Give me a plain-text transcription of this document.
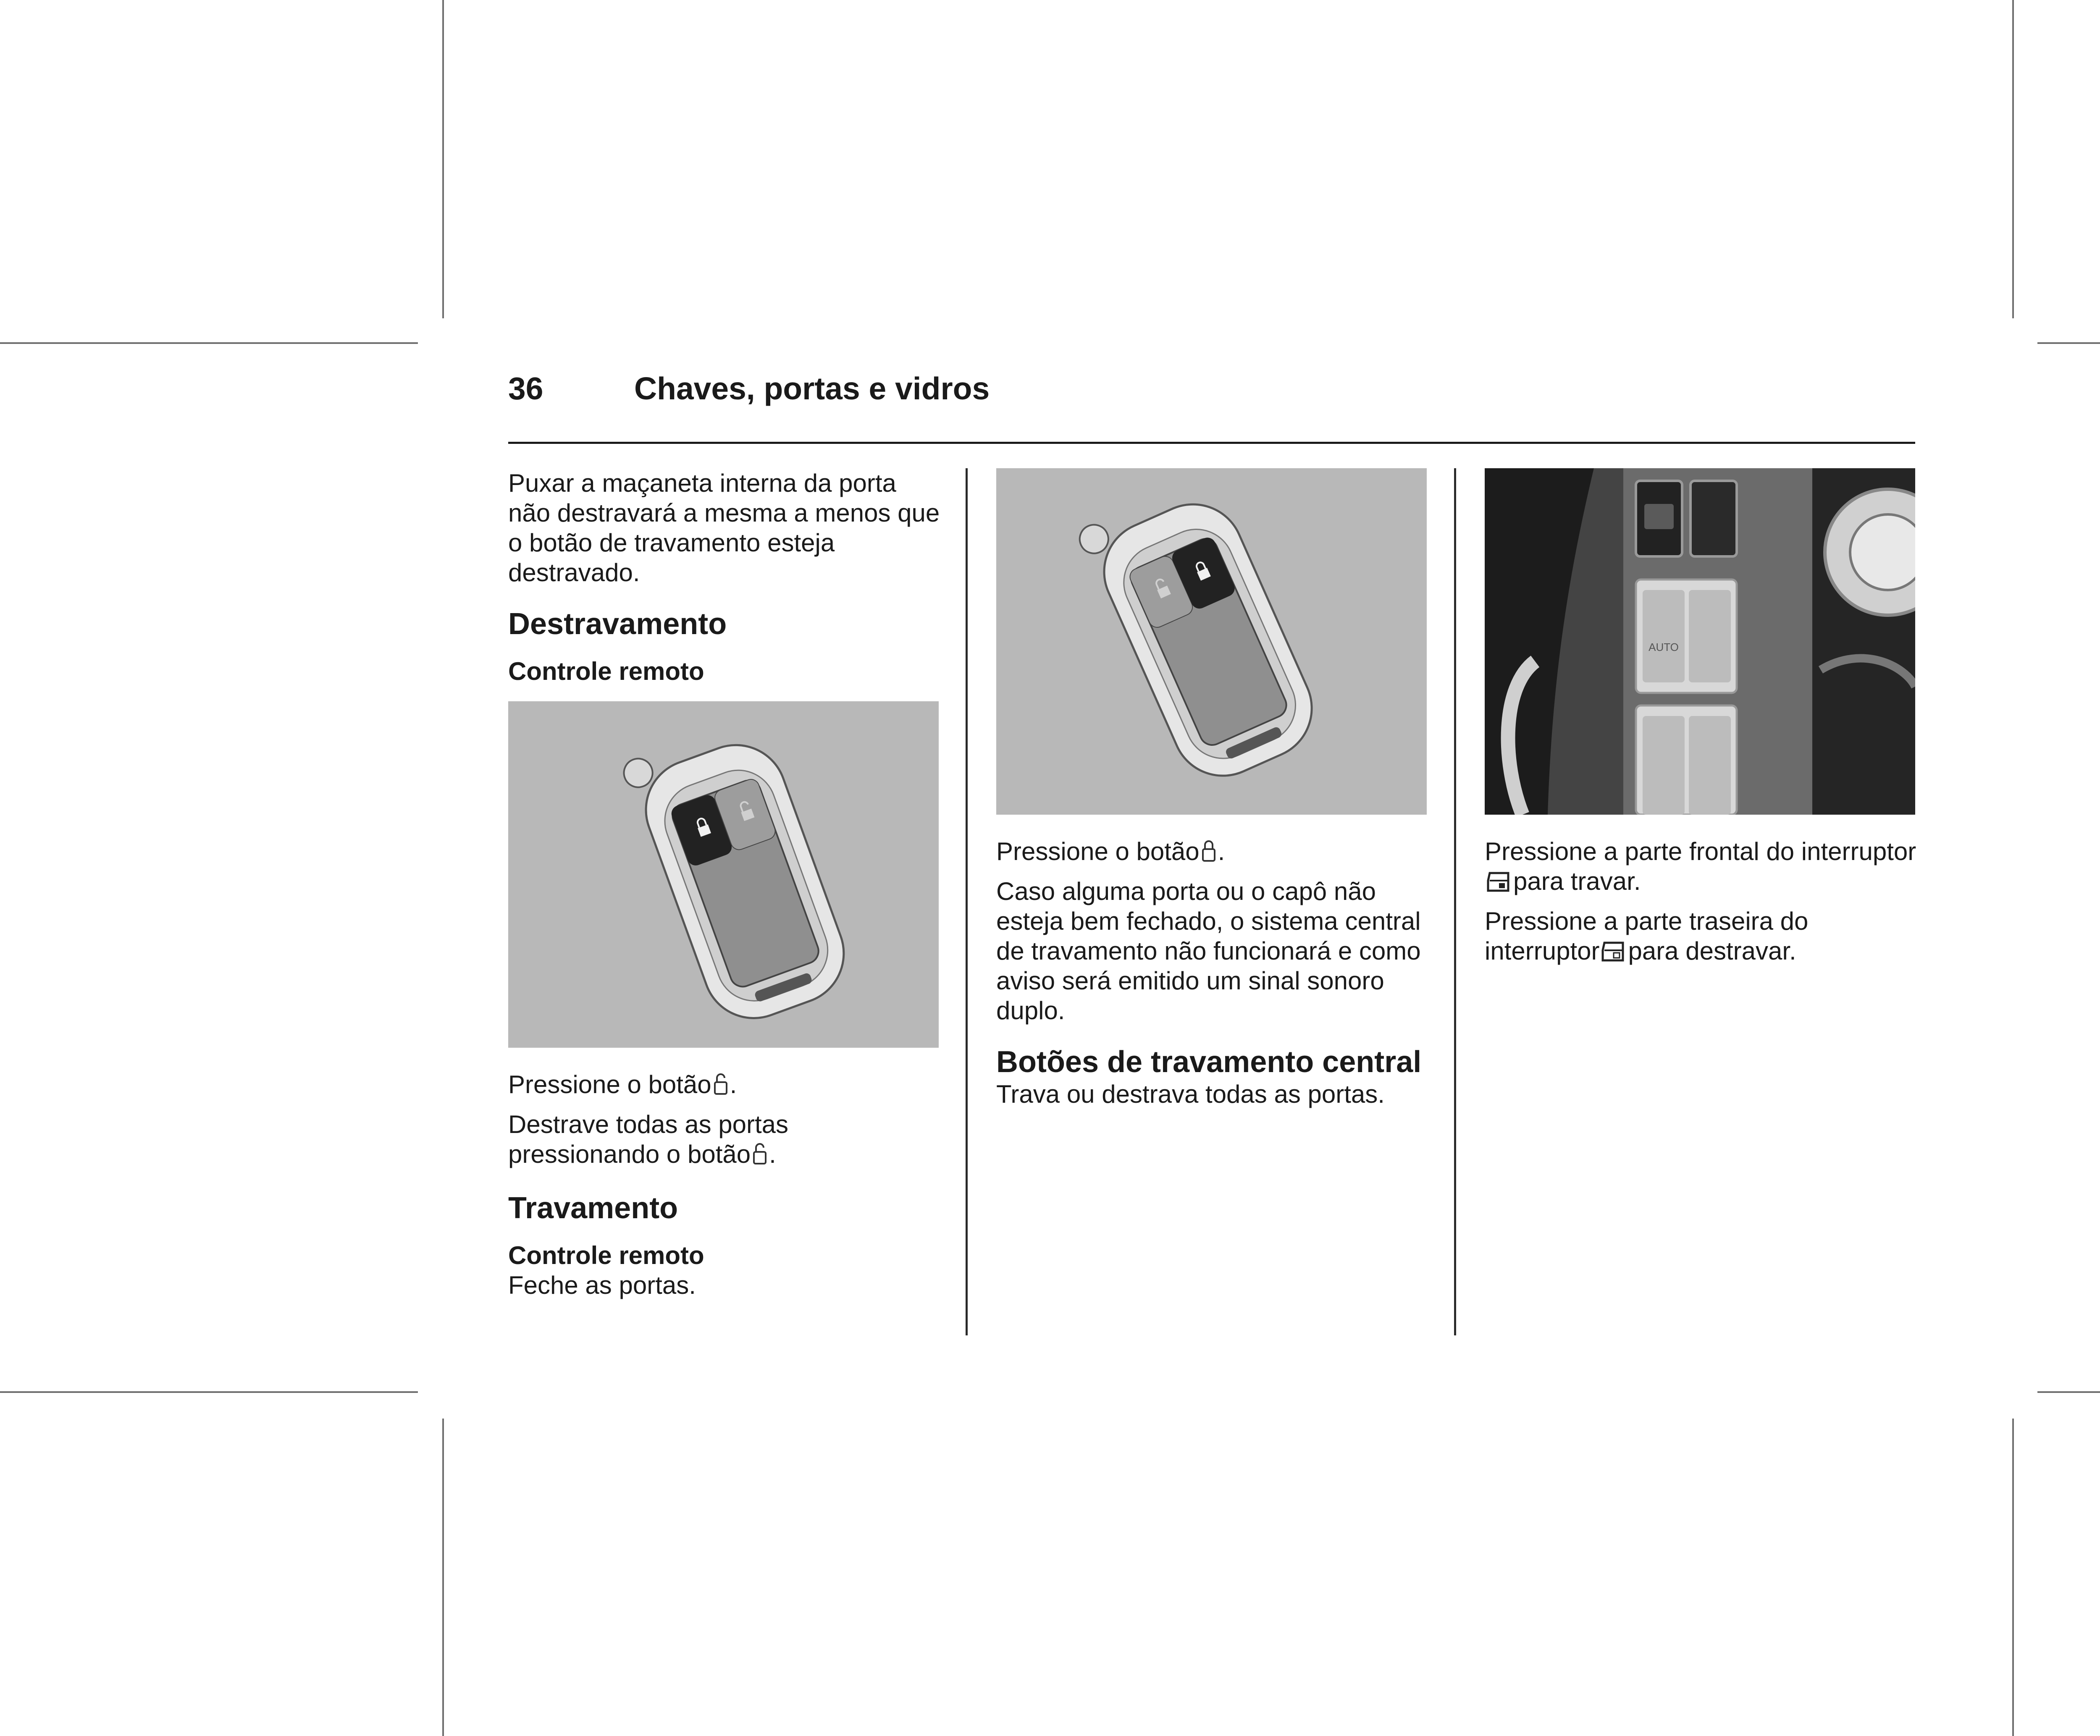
36	Chaves, portas e vidros

Puxar a maçaneta interna da porta não destravará a mesma a menos que o botão de travamento esteja destravado.

Destravamento
Controle remoto

Pressione o botão .

Destrave todas as portas pressionando o botão .

Travamento
Controle remoto

Feche as portas.

Pressione o botão .

Caso alguma porta ou o capô não esteja bem fechado, o sistema central de travamento não funcionará e como aviso será emitido um sinal sonoro duplo.

Botões de travamento central

Trava ou destrava todas as portas.

AUTO

Pressione a parte frontal do interruptorpara travar.

Pressione a parte traseira do interruptor para destravar.
